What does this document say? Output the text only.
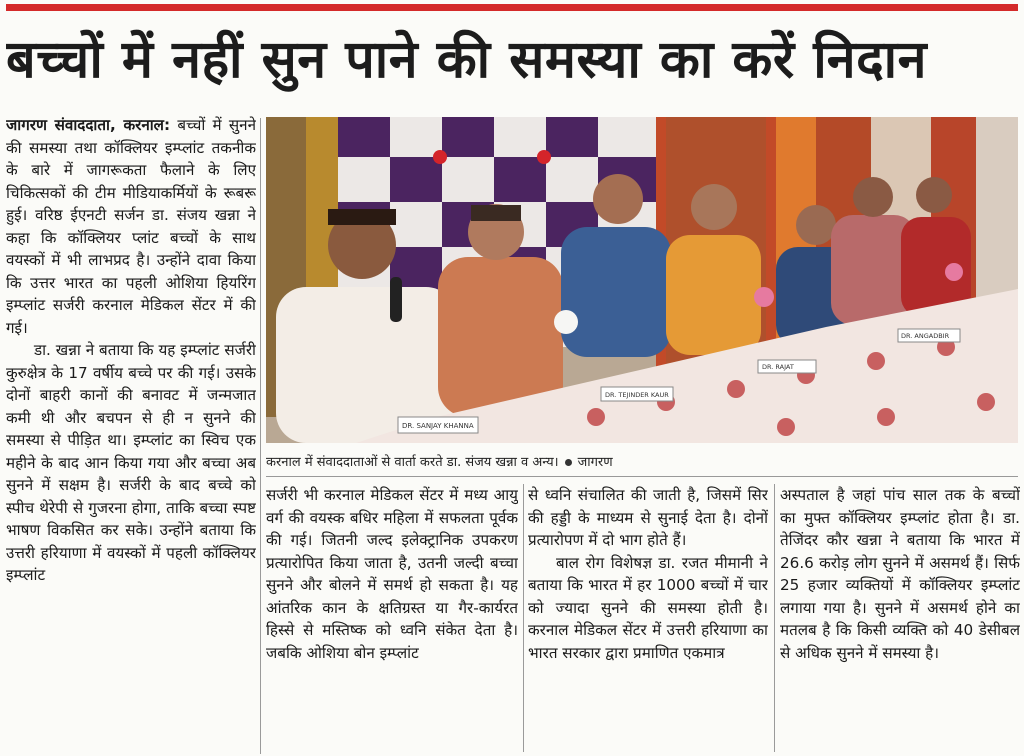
बच्चों में नहीं सुन पाने की समस्या का करें निदान

जागरण संवाददाता, करनाल: बच्चों में सुनने की समस्या तथा कॉक्लियर इम्प्लांट तकनीक के बारे में जागरूकता फैलाने के लिए चिकित्सकों की टीम मीडियाकर्मियों के रूबरू हुई। वरिष्ठ ईएनटी सर्जन डा. संजय खन्ना ने कहा कि कॉक्लियर प्लांट बच्चों के साथ वयस्कों में भी लाभप्रद है। उन्होंने दावा किया कि उत्तर भारत का पहली ओशिया हियरिंग इम्प्लांट सर्जरी करनाल मेडिकल सेंटर में की गई।

डा. खन्ना ने बताया कि यह इम्प्लांट सर्जरी कुरुक्षेत्र के 17 वर्षीय बच्चे पर की गई। उसके दोनों बाहरी कानों की बनावट में जन्मजात कमी थी और बचपन से ही न सुनने की समस्या से पीड़ित था। इम्प्लांट का स्विच एक महीने के बाद आन किया गया और बच्चा अब सुनने में सक्षम है। सर्जरी के बाद बच्चे को स्पीच थेरेपी से गुजरना होगा, ताकि बच्चा स्पष्ट भाषण विकसित कर सके। उन्होंने बताया कि उत्तरी हरियाणा में वयस्कों में पहली कॉक्लियर इम्प्लांट

DR. SANJAY KHANNA
DR. TEJINDER KAUR
DR. RAJAT
DR. ANGADBIR
करनाल में संवाददाताओं से वार्ता करते डा. संजय खन्ना व अन्य। जागरण

सर्जरी भी करनाल मेडिकल सेंटर में मध्य आयु वर्ग की वयस्क बधिर महिला में सफलता पूर्वक की गई। जितनी जल्द इलेक्ट्रानिक उपकरण प्रत्यारोपित किया जाता है, उतनी जल्दी बच्चा सुनने और बोलने में समर्थ हो सकता है। यह आंतरिक कान के क्षतिग्रस्त या गैर-कार्यरत हिस्से से मस्तिष्क को ध्वनि संकेत देता है। जबकि ओशिया बोन इम्प्लांट

से ध्वनि संचालित की जाती है, जिसमें सिर की हड्डी के माध्यम से सुनाई देता है। दोनों प्रत्यारोपण में दो भाग होते हैं।

बाल रोग विशेषज्ञ डा. रजत मीमानी ने बताया कि भारत में हर 1000 बच्चों में चार को ज्यादा सुनने की समस्या होती है। करनाल मेडिकल सेंटर में उत्तरी हरियाणा का भारत सरकार द्वारा प्रमाणित एकमात्र

अस्पताल है जहां पांच साल तक के बच्चों का मुफ्त कॉक्लियर इम्प्लांट होता है। डा. तेजिंदर कौर खन्ना ने बताया कि भारत में 26.6 करोड़ लोग सुनने में असमर्थ हैं। सिर्फ 25 हजार व्यक्तियों में कॉक्लियर इम्प्लांट लगाया गया है। सुनने में असमर्थ होने का मतलब है कि किसी व्यक्ति को 40 डेसीबल से अधिक सुनने में समस्या है।
